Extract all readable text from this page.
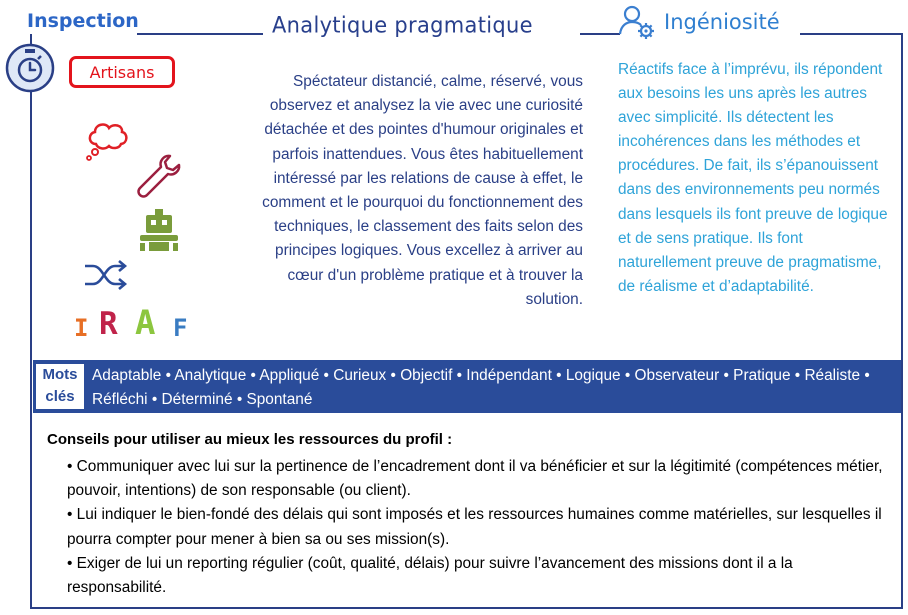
Inspection	Analytique pragmatique	Ingéniosité
Artisans
I R A F
Spéctateur distancié, calme, réservé, vous observez et analysez la vie avec une curiosité détachée et des pointes d'humour originales et parfois inattendues. Vous êtes habituellement intéressé par les relations de cause à effet, le comment et le pourquoi du fonctionnement des techniques, le classement des faits selon des principes logiques. Vous excellez à arriver au cœur d'un problème pratique et à trouver la solution.
Réactifs face à l’imprévu, ils répondent aux besoins les uns après les autres avec simplicité. Ils détectent les incohérences dans les méthodes et procédures. De fait, ils s’épanouissent dans des environnements peu normés dans lesquels ils font preuve de logique et de sens pratique. Ils font naturellement preuve de pragmatisme, de réalisme et d’adaptabilité.
Mots clés
Adaptable • Analytique • Appliqué • Curieux • Objectif • Indépendant • Logique • Observateur • Pratique • Réaliste • Réfléchi • Déterminé • Spontané
Conseils pour utiliser au mieux les ressources du profil :
• Communiquer avec lui sur la pertinence de l’encadrement dont il va bénéficier et sur la légitimité (compétences métier, pouvoir, intentions) de son responsable (ou client).
• Lui indiquer le bien-fondé des délais qui sont imposés et les ressources humaines comme matérielles, sur lesquelles il pourra compter pour mener à bien sa ou ses mission(s).
• Exiger de lui un reporting régulier (coût, qualité, délais) pour suivre l’avancement des missions dont il a la responsabilité.
